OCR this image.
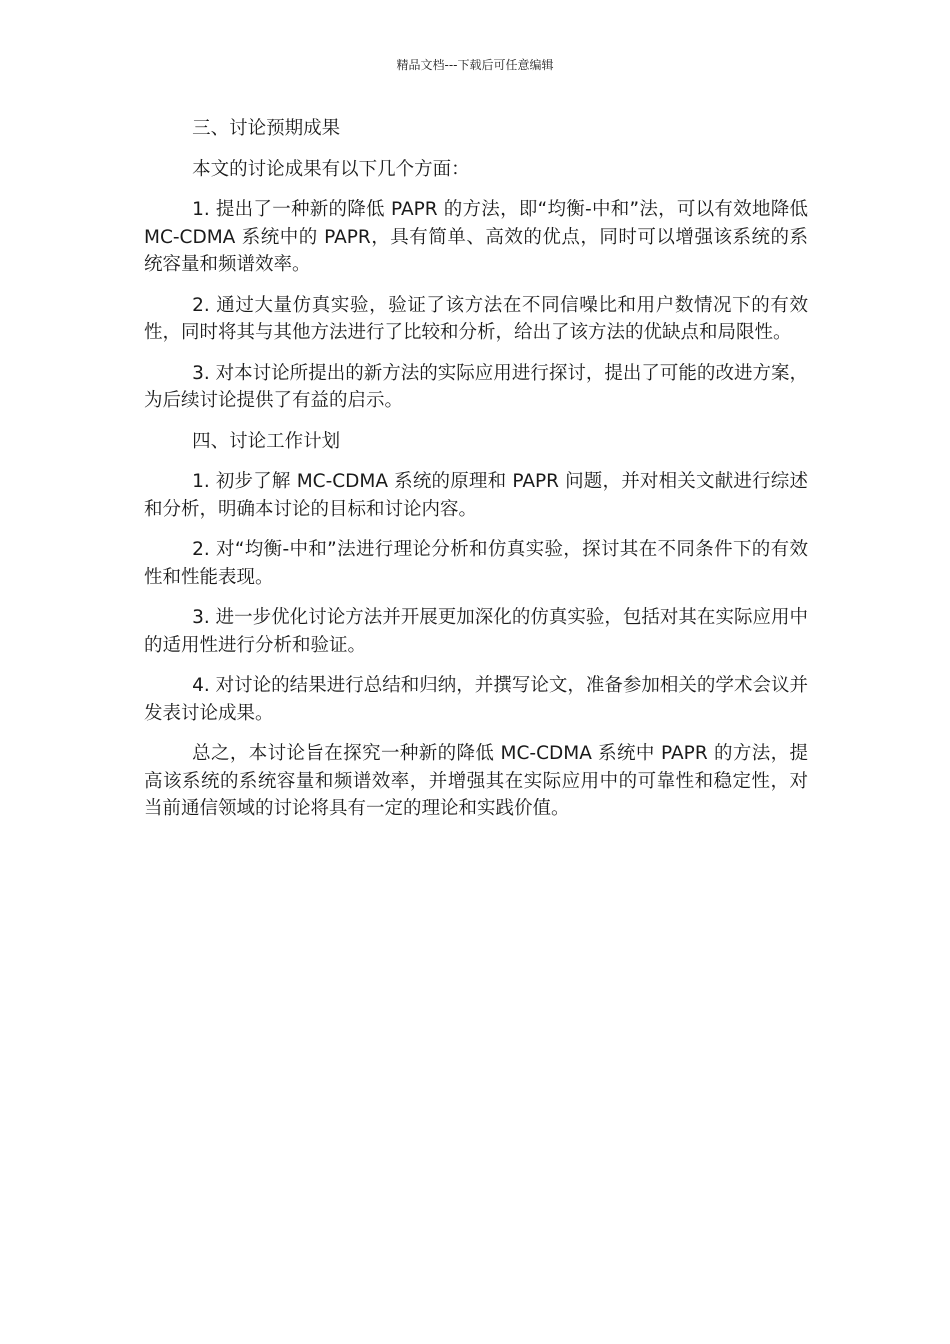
精品文档---下载后可任意编辑

三、讨论预期成果

本文的讨论成果有以下几个方面：

1. 提出了一种新的降低 PAPR 的方法，即“均衡-中和”法，可以有效地降低 MC-CDMA 系统中的 PAPR，具有简单、高效的优点，同时可以增强该系统的系统容量和频谱效率。

2. 通过大量仿真实验，验证了该方法在不同信噪比和用户数情况下的有效性，同时将其与其他方法进行了比较和分析，给出了该方法的优缺点和局限性。

3. 对本讨论所提出的新方法的实际应用进行探讨，提出了可能的改进方案，为后续讨论提供了有益的启示。

四、讨论工作计划

1. 初步了解 MC-CDMA 系统的原理和 PAPR 问题，并对相关文献进行综述和分析，明确本讨论的目标和讨论内容。

2. 对“均衡-中和”法进行理论分析和仿真实验，探讨其在不同条件下的有效性和性能表现。

3. 进一步优化讨论方法并开展更加深化的仿真实验，包括对其在实际应用中的适用性进行分析和验证。

4. 对讨论的结果进行总结和归纳，并撰写论文，准备参加相关的学术会议并发表讨论成果。

总之，本讨论旨在探究一种新的降低 MC-CDMA 系统中 PAPR 的方法，提高该系统的系统容量和频谱效率，并增强其在实际应用中的可靠性和稳定性，对当前通信领域的讨论将具有一定的理论和实践价值。
